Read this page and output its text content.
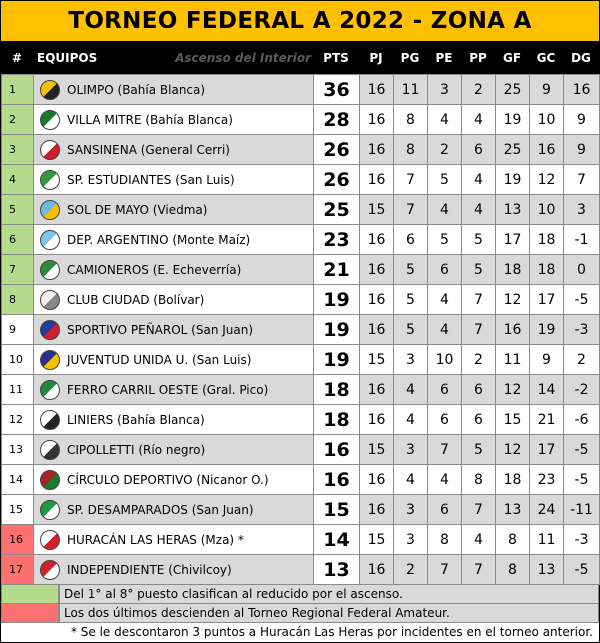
TORNEO FEDERAL A 2022 - ZONA A
#	EQUIPOS	Ascenso del Interior	PTS	PJ	PG	PE	PP	GF	GC	DG
1	OLIMPO (Bahía Blanca)	36	16	11	3	2	25	9	16
2	VILLA MITRE (Bahía Blanca)	28	16	8	4	4	19	10	9
3	SANSINENA (General Cerri)	26	16	8	2	6	25	16	9
4	SP. ESTUDIANTES (San Luis)	26	16	7	5	4	19	12	7
5	SOL DE MAYO (Viedma)	25	15	7	4	4	13	10	3
6	DEP. ARGENTINO (Monte Maíz)	23	16	6	5	5	17	18	-1
7	CAMIONEROS (E. Echeverría)	21	16	5	6	5	18	18	0
8	CLUB CIUDAD (Bolívar)	19	16	5	4	7	12	17	-5
9	SPORTIVO PEÑAROL (San Juan)	19	16	5	4	7	16	19	-3
10	JUVENTUD UNIDA U. (San Luis)	19	15	3	10	2	11	9	2
11	FERRO CARRIL OESTE (Gral. Pico)	18	16	4	6	6	12	14	-2
12	LINIERS (Bahía Blanca)	18	16	4	6	6	15	21	-6
13	CIPOLLETTI (Río negro)	16	15	3	7	5	12	17	-5
14	CÍRCULO DEPORTIVO (Nicanor O.)	16	16	4	4	8	18	23	-5
15	SP. DESAMPARADOS (San Juan)	15	16	3	6	7	13	24	-11
16	HURACÁN LAS HERAS (Mza) *	14	15	3	8	4	8	11	-3
17	INDEPENDIENTE (Chivilcoy)	13	16	2	7	7	8	13	-5
Del 1° al 8° puesto clasifican al reducido por el ascenso.
Los dos últimos descienden al Torneo Regional Federal Amateur.
* Se le descontaron 3 puntos a Huracán Las Heras por incidentes en el torneo anterior.
